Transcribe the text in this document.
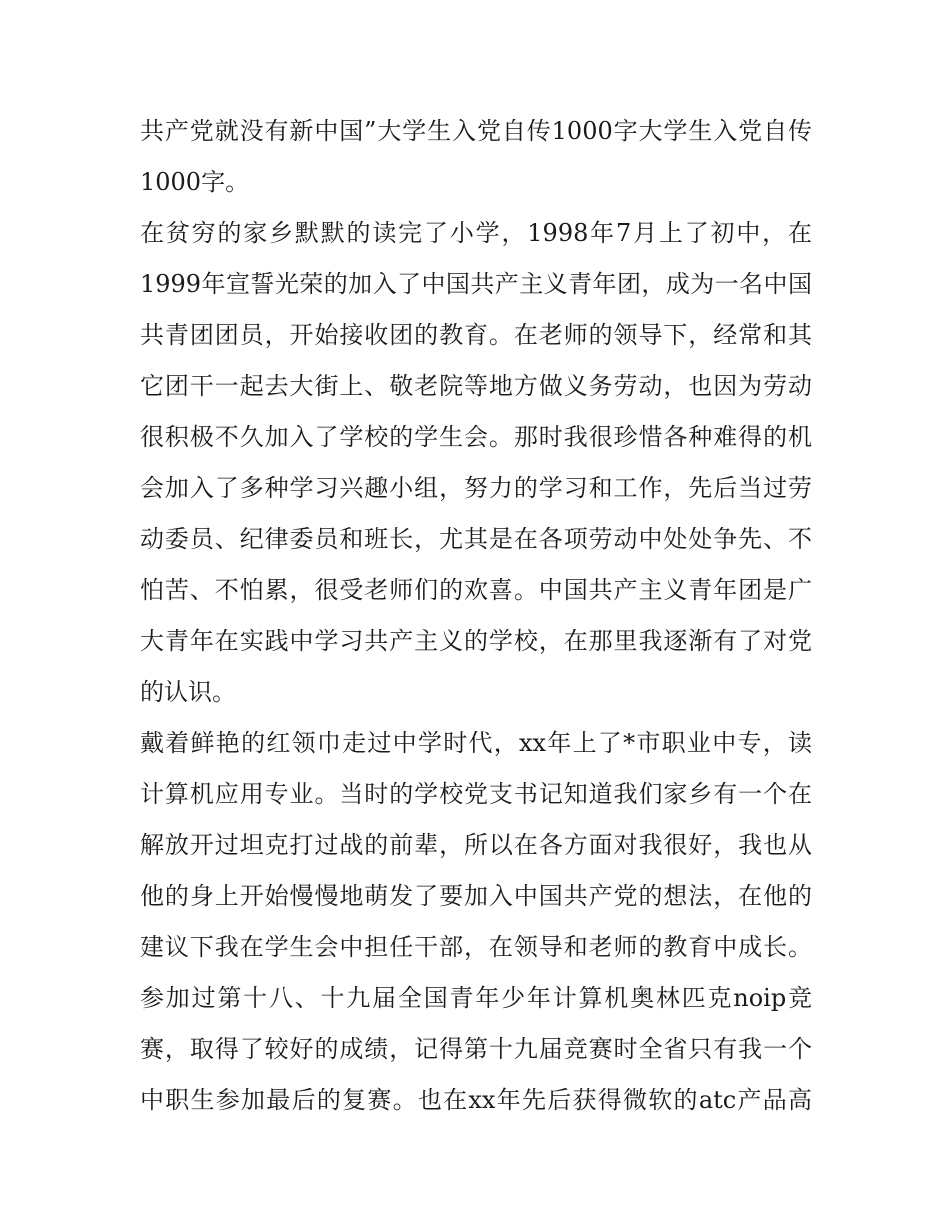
共产党就没有新中国”大学生入党自传1000字大学生入党自传
1000字。

在贫穷的家乡默默的读完了小学，1998年7月上了初中，在
1999年宣誓光荣的加入了中国共产主义青年团，成为一名中国
共青团团员，开始接收团的教育。在老师的领导下，经常和其
它团干一起去大街上、敬老院等地方做义务劳动，也因为劳动
很积极不久加入了学校的学生会。那时我很珍惜各种难得的机
会加入了多种学习兴趣小组，努力的学习和工作，先后当过劳
动委员、纪律委员和班长，尤其是在各项劳动中处处争先、不
怕苦、不怕累，很受老师们的欢喜。中国共产主义青年团是广
大青年在实践中学习共产主义的学校，在那里我逐渐有了对党
的认识。

戴着鲜艳的红领巾走过中学时代，xx年上了*市职业中专，读
计算机应用专业。当时的学校党支书记知道我们家乡有一个在
解放开过坦克打过战的前辈，所以在各方面对我很好，我也从
他的身上开始慢慢地萌发了要加入中国共产党的想法，在他的
建议下我在学生会中担任干部，在领导和老师的教育中成长。
参加过第十八、十九届全国青年少年计算机奥林匹克noip竞
赛，取得了较好的成绩，记得第十九届竞赛时全省只有我一个
中职生参加最后的复赛。也在xx年先后获得微软的atc产品高
